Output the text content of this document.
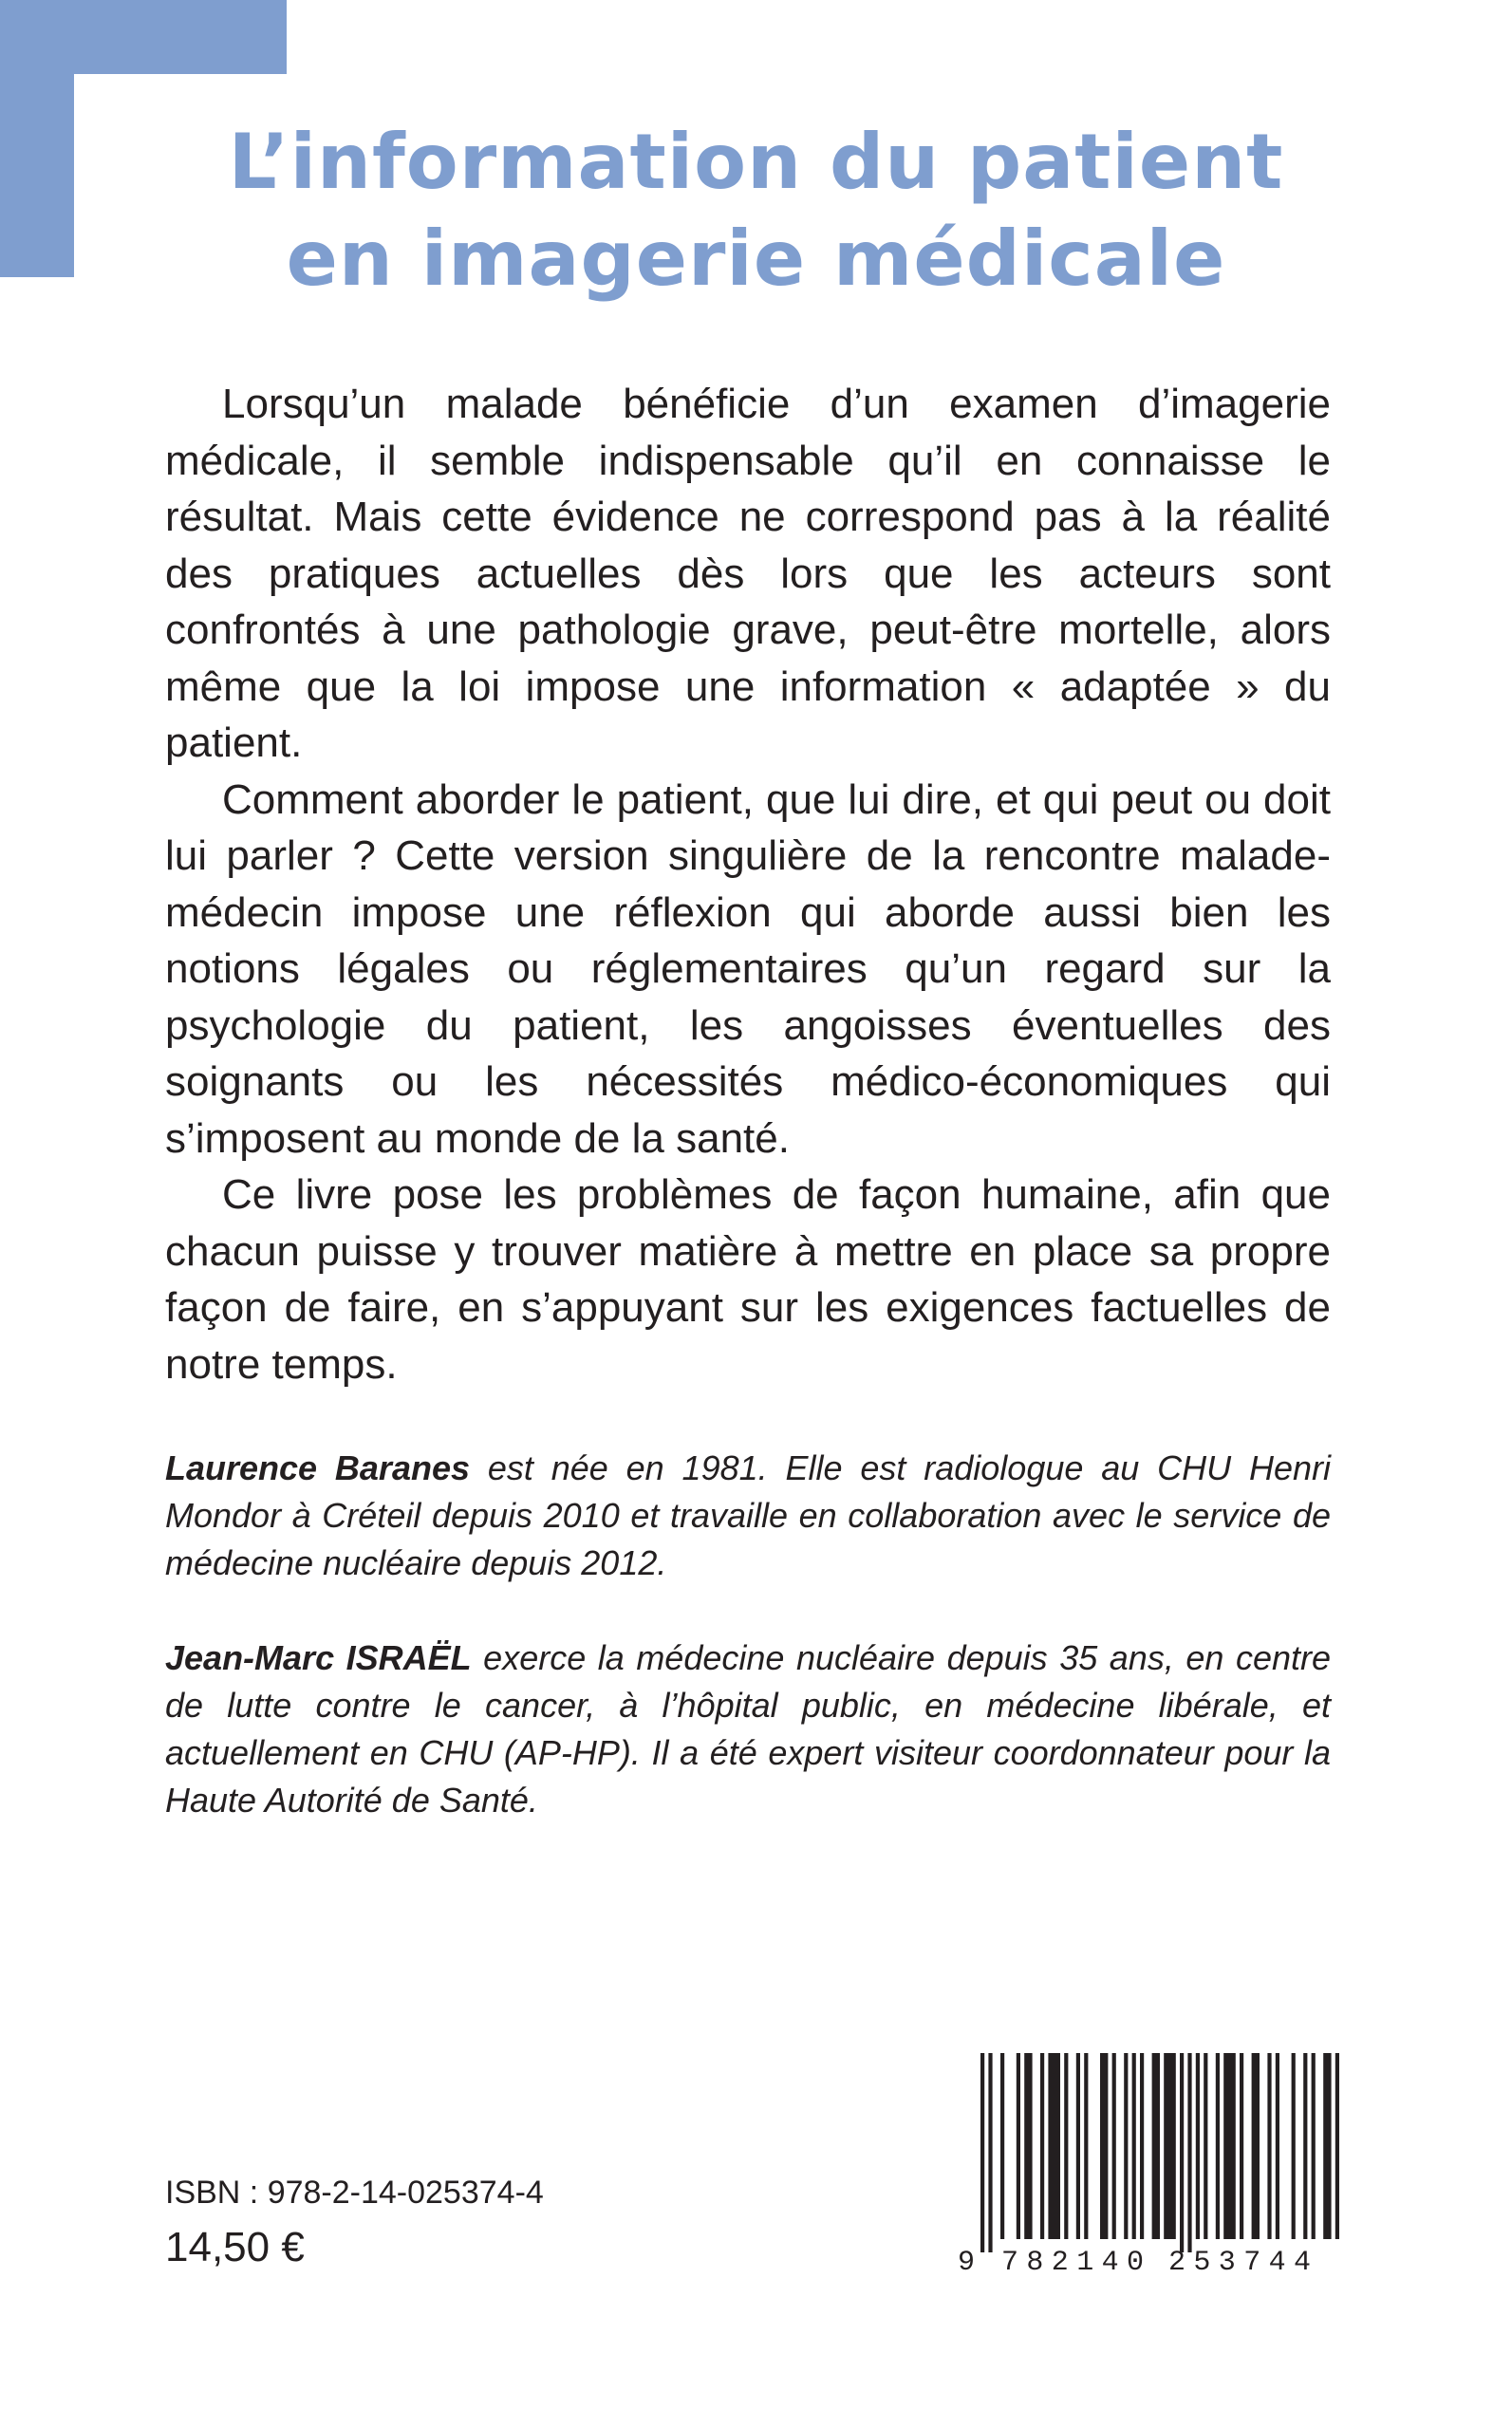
L’information du patient
en imagerie médicale

Lorsqu’un malade bénéficie d’un examen d’imagerie médicale, il semble indispensable qu’il en connaisse le résultat. Mais cette évidence ne correspond pas à la réalité des pratiques actuelles dès lors que les acteurs sont confrontés à une pathologie grave, peut-être mortelle, alors même que la loi impose une information « adaptée » du patient.

Comment aborder le patient, que lui dire, et qui peut ou doit lui parler ? Cette version singulière de la rencontre malade-médecin impose une réflexion qui aborde aussi bien les notions légales ou réglementaires qu’un regard sur la psychologie du patient, les angoisses éventuelles des soignants ou les nécessités médico-économiques qui s’imposent au monde de la santé.

Ce livre pose les problèmes de façon humaine, afin que chacun puisse y trouver matière à mettre en place sa propre façon de faire, en s’appuyant sur les exigences factuelles de notre temps.

Laurence Baranes est née en 1981. Elle est radiologue au CHU Henri Mondor à Créteil depuis 2010 et travaille en collaboration avec le service de médecine nucléaire depuis 2012.

Jean-Marc ISRAËL exerce la médecine nucléaire depuis 35 ans, en centre de lutte contre le cancer, à l’hôpital public, en médecine libérale, et actuellement en CHU (AP-HP). Il a été expert visiteur coordonnateur pour la Haute Autorité de Santé.

ISBN : 978-2-14-025374-4
14,50 €	9 782140 253744
